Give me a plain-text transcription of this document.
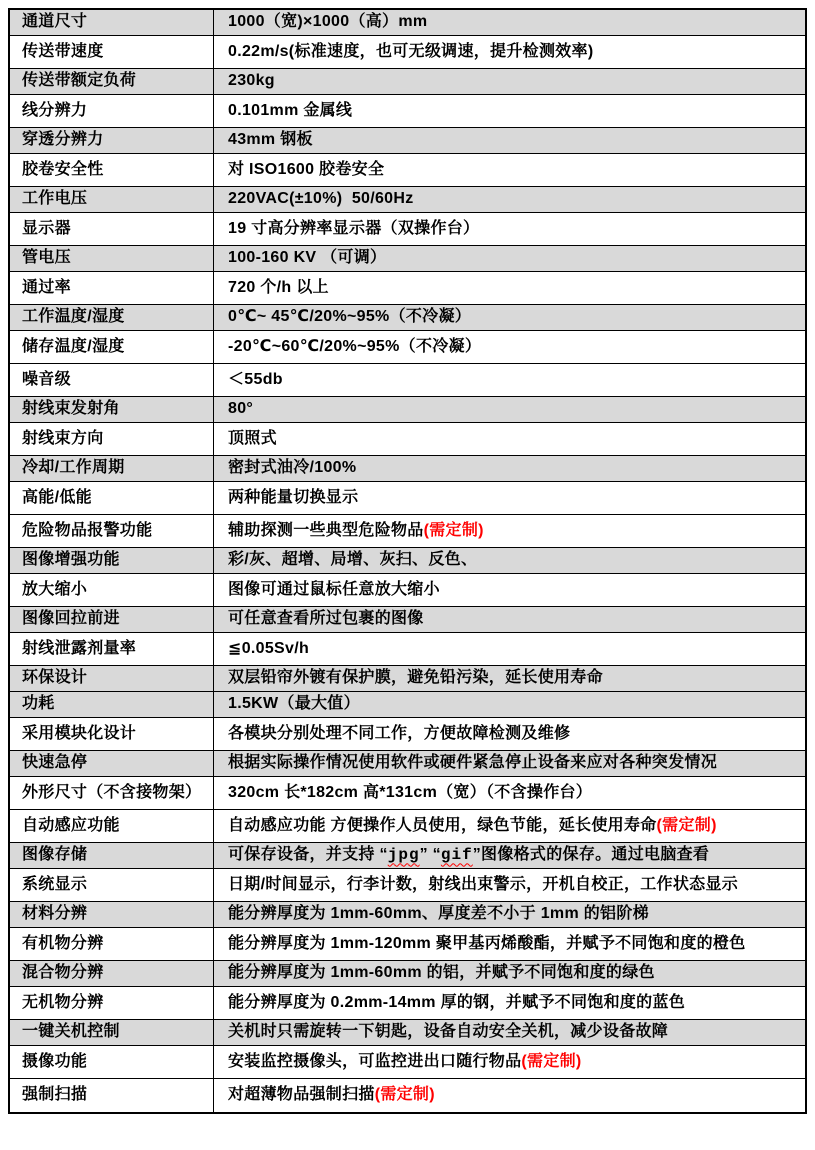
通道尺寸	1000（宽)×1000（高）mm
传送带速度	0.22m/s(标准速度，也可无级调速，提升检测效率)
传送带额定负荷	230kg
线分辨力	0.101mm 金属线
穿透分辨力	43mm 钢板
胶卷安全性	对 ISO1600 胶卷安全
工作电压	220VAC(±10%)  50/60Hz
显示器	19 寸高分辨率显示器（双操作台）
管电压	100-160 KV （可调）
通过率	720 个/h 以上
工作温度/湿度	0℃~ 45℃/20%~95%（不冷凝）
储存温度/湿度	-20℃~60℃/20%~95%（不冷凝）
噪音级	＜55db
射线束发射角	80°
射线束方向	顶照式
冷却/工作周期	密封式油冷/100%
高能/低能	两种能量切换显示
危险物品报警功能	辅助探测一些典型危险物品 (需定制)
图像增强功能	彩/灰、超增、局增、灰扫、反色、
放大缩小	图像可通过鼠标任意放大缩小
图像回拉前进	可任意查看所过包裹的图像
射线泄露剂量率	≦0.05Sv/h
环保设计	双层铅帘外镀有保护膜，避免铅污染，延长使用寿命
功耗	1.5KW（最大值）
采用模块化设计	各模块分别处理不同工作，方便故障检测及维修
快速急停	根据实际操作情况使用软件或硬件紧急停止设备来应对各种突发情况
外形尺寸（不含接物架）	320cm 长*182cm 高*131cm（宽）（不含操作台）
自动感应功能	自动感应功能 方便操作人员使用，绿色节能，延长使用寿命 (需定制)
图像存储	可保存设备，并支持 “ jpg ” “ gif ”图像格式的保存。通过电脑查看
系统显示	日期/时间显示，行李计数，射线出束警示，开机自校正，工作状态显示
材料分辨	能分辨厚度为 1mm-60mm、厚度差不小于 1mm 的铝阶梯
有机物分辨	能分辨厚度为 1mm-120mm 聚甲基丙烯酸酯，并赋予不同饱和度的橙色
混合物分辨	能分辨厚度为 1mm-60mm 的铝，并赋予不同饱和度的绿色
无机物分辨	能分辨厚度为 0.2mm-14mm 厚的钢，并赋予不同饱和度的蓝色
一键关机控制	关机时只需旋转一下钥匙，设备自动安全关机，减少设备故障
摄像功能	安装监控摄像头，可监控进出口随行物品 (需定制)
强制扫描	对超薄物品强制扫描 (需定制)
